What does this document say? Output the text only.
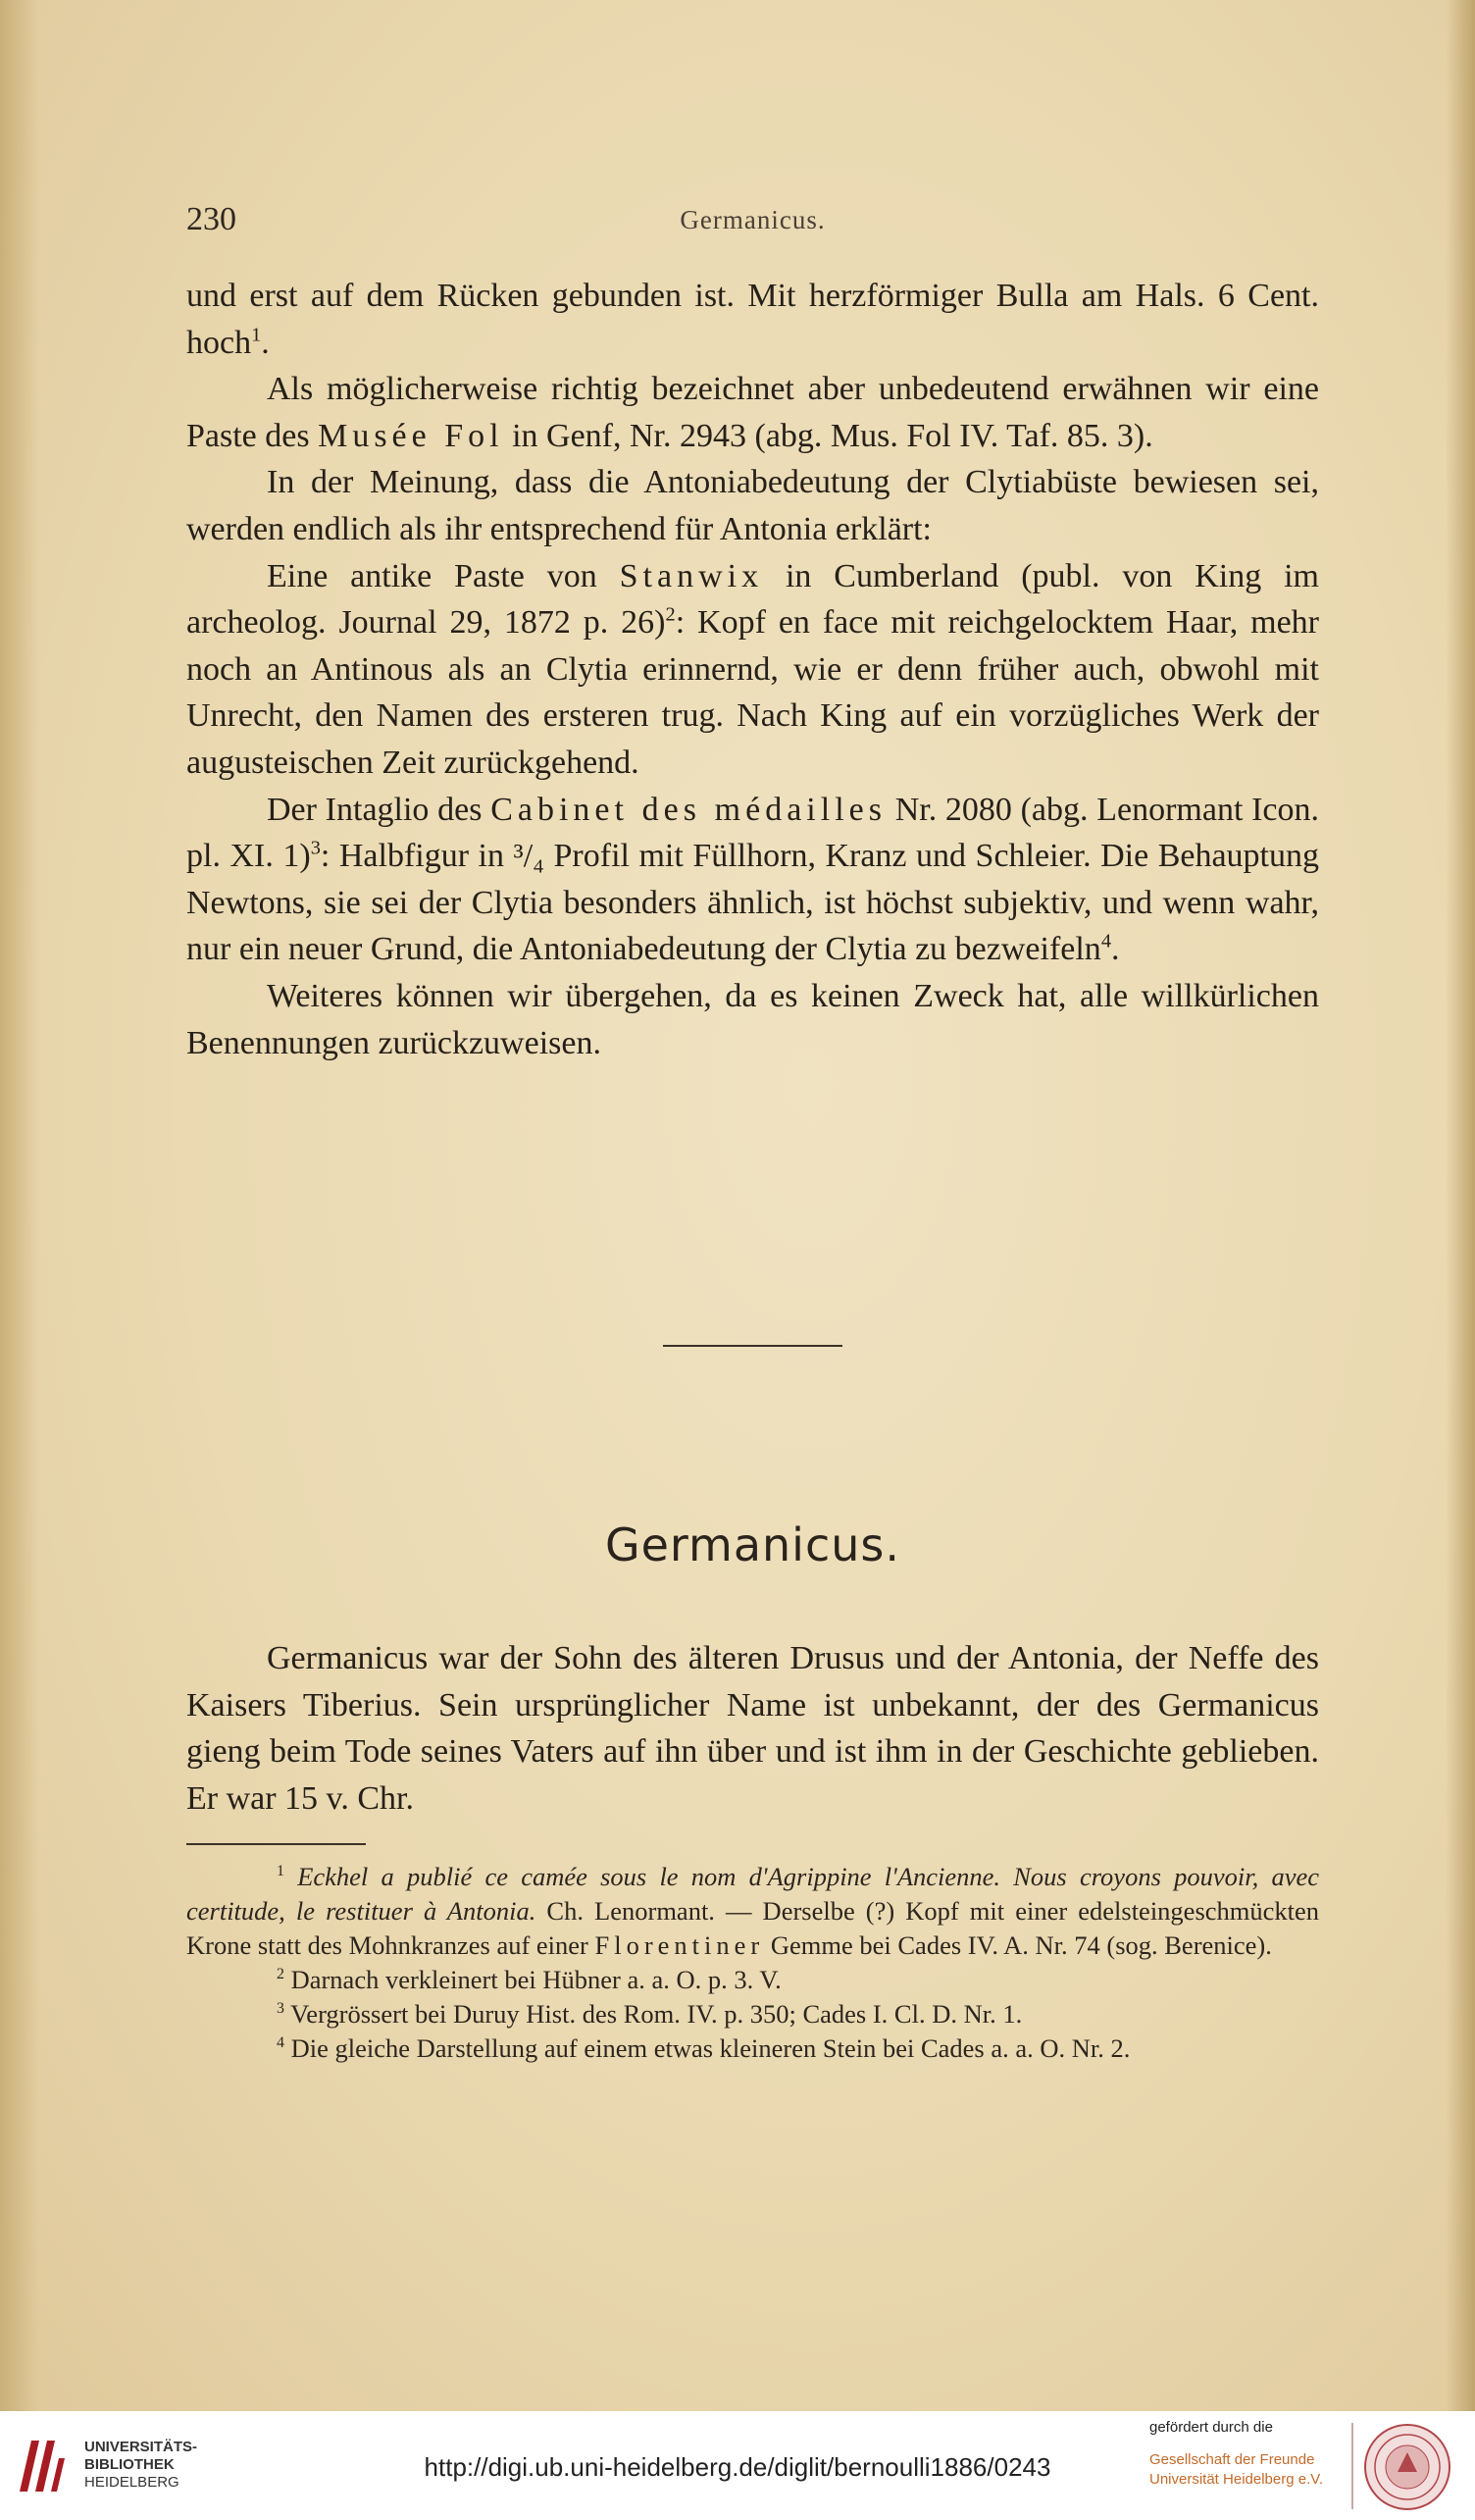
230	Germanicus.

und erst auf dem Rücken gebunden ist. Mit herzförmiger Bulla am Hals. 6 Cent. hoch$^1$.

Als möglicherweise richtig bezeichnet aber unbedeutend erwähnen wir eine Paste des Musée Fol in Genf, Nr. 2943 (abg. Mus. Fol IV. Taf. 85. 3).

In der Meinung, dass die Antoniabedeutung der Clytiabüste bewiesen sei, werden endlich als ihr entsprechend für Antonia erklärt:

Eine antike Paste von Stanwix in Cumberland (publ. von King im archeolog. Journal 29, 1872 p. 26)$^2$: Kopf en face mit reichgelocktem Haar, mehr noch an Antinous als an Clytia erinnernd, wie er denn früher auch, obwohl mit Unrecht, den Namen des ersteren trug. Nach King auf ein vorzügliches Werk der augusteischen Zeit zurückgehend.

Der Intaglio des Cabinet des médailles Nr. 2080 (abg. Lenormant Icon. pl. XI. 1)$^3$: Halbfigur in ³/₄ Profil mit Füllhorn, Kranz und Schleier. Die Behauptung Newtons, sie sei der Clytia besonders ähnlich, ist höchst subjektiv, und wenn wahr, nur ein neuer Grund, die Antoniabedeutung der Clytia zu bezweifeln$^4$.

Weiteres können wir übergehen, da es keinen Zweck hat, alle willkürlichen Benennungen zurückzuweisen.

Germanicus.

Germanicus war der Sohn des älteren Drusus und der Antonia, der Neffe des Kaisers Tiberius. Sein ursprünglicher Name ist unbekannt, der des Germanicus gieng beim Tode seines Vaters auf ihn über und ist ihm in der Geschichte geblieben. Er war 15 v. Chr.

$^1$ Eckhel a publié ce camée sous le nom d'Agrippine l'Ancienne. Nous croyons pouvoir, avec certitude, le restituer à Antonia. Ch. Lenormant. — Derselbe (?) Kopf mit einer edelsteingeschmückten Krone statt des Mohnkranzes auf einer Florentiner Gemme bei Cades IV. A. Nr. 74 (sog. Berenice).

$^2$ Darnach verkleinert bei Hübner a. a. O. p. 3. V.

$^3$ Vergrössert bei Duruy Hist. des Rom. IV. p. 350; Cades I. Cl. D. Nr. 1.

$^4$ Die gleiche Darstellung auf einem etwas kleineren Stein bei Cades a. a. O. Nr. 2.

UNIVERSITÄTS-
BIBLIOTHEK
HEIDELBERG
http://digi.ub.uni-heidelberg.de/diglit/bernoulli1886/0243
gefördert durch die
Gesellschaft der Freunde
Universität Heidelberg e.V.
